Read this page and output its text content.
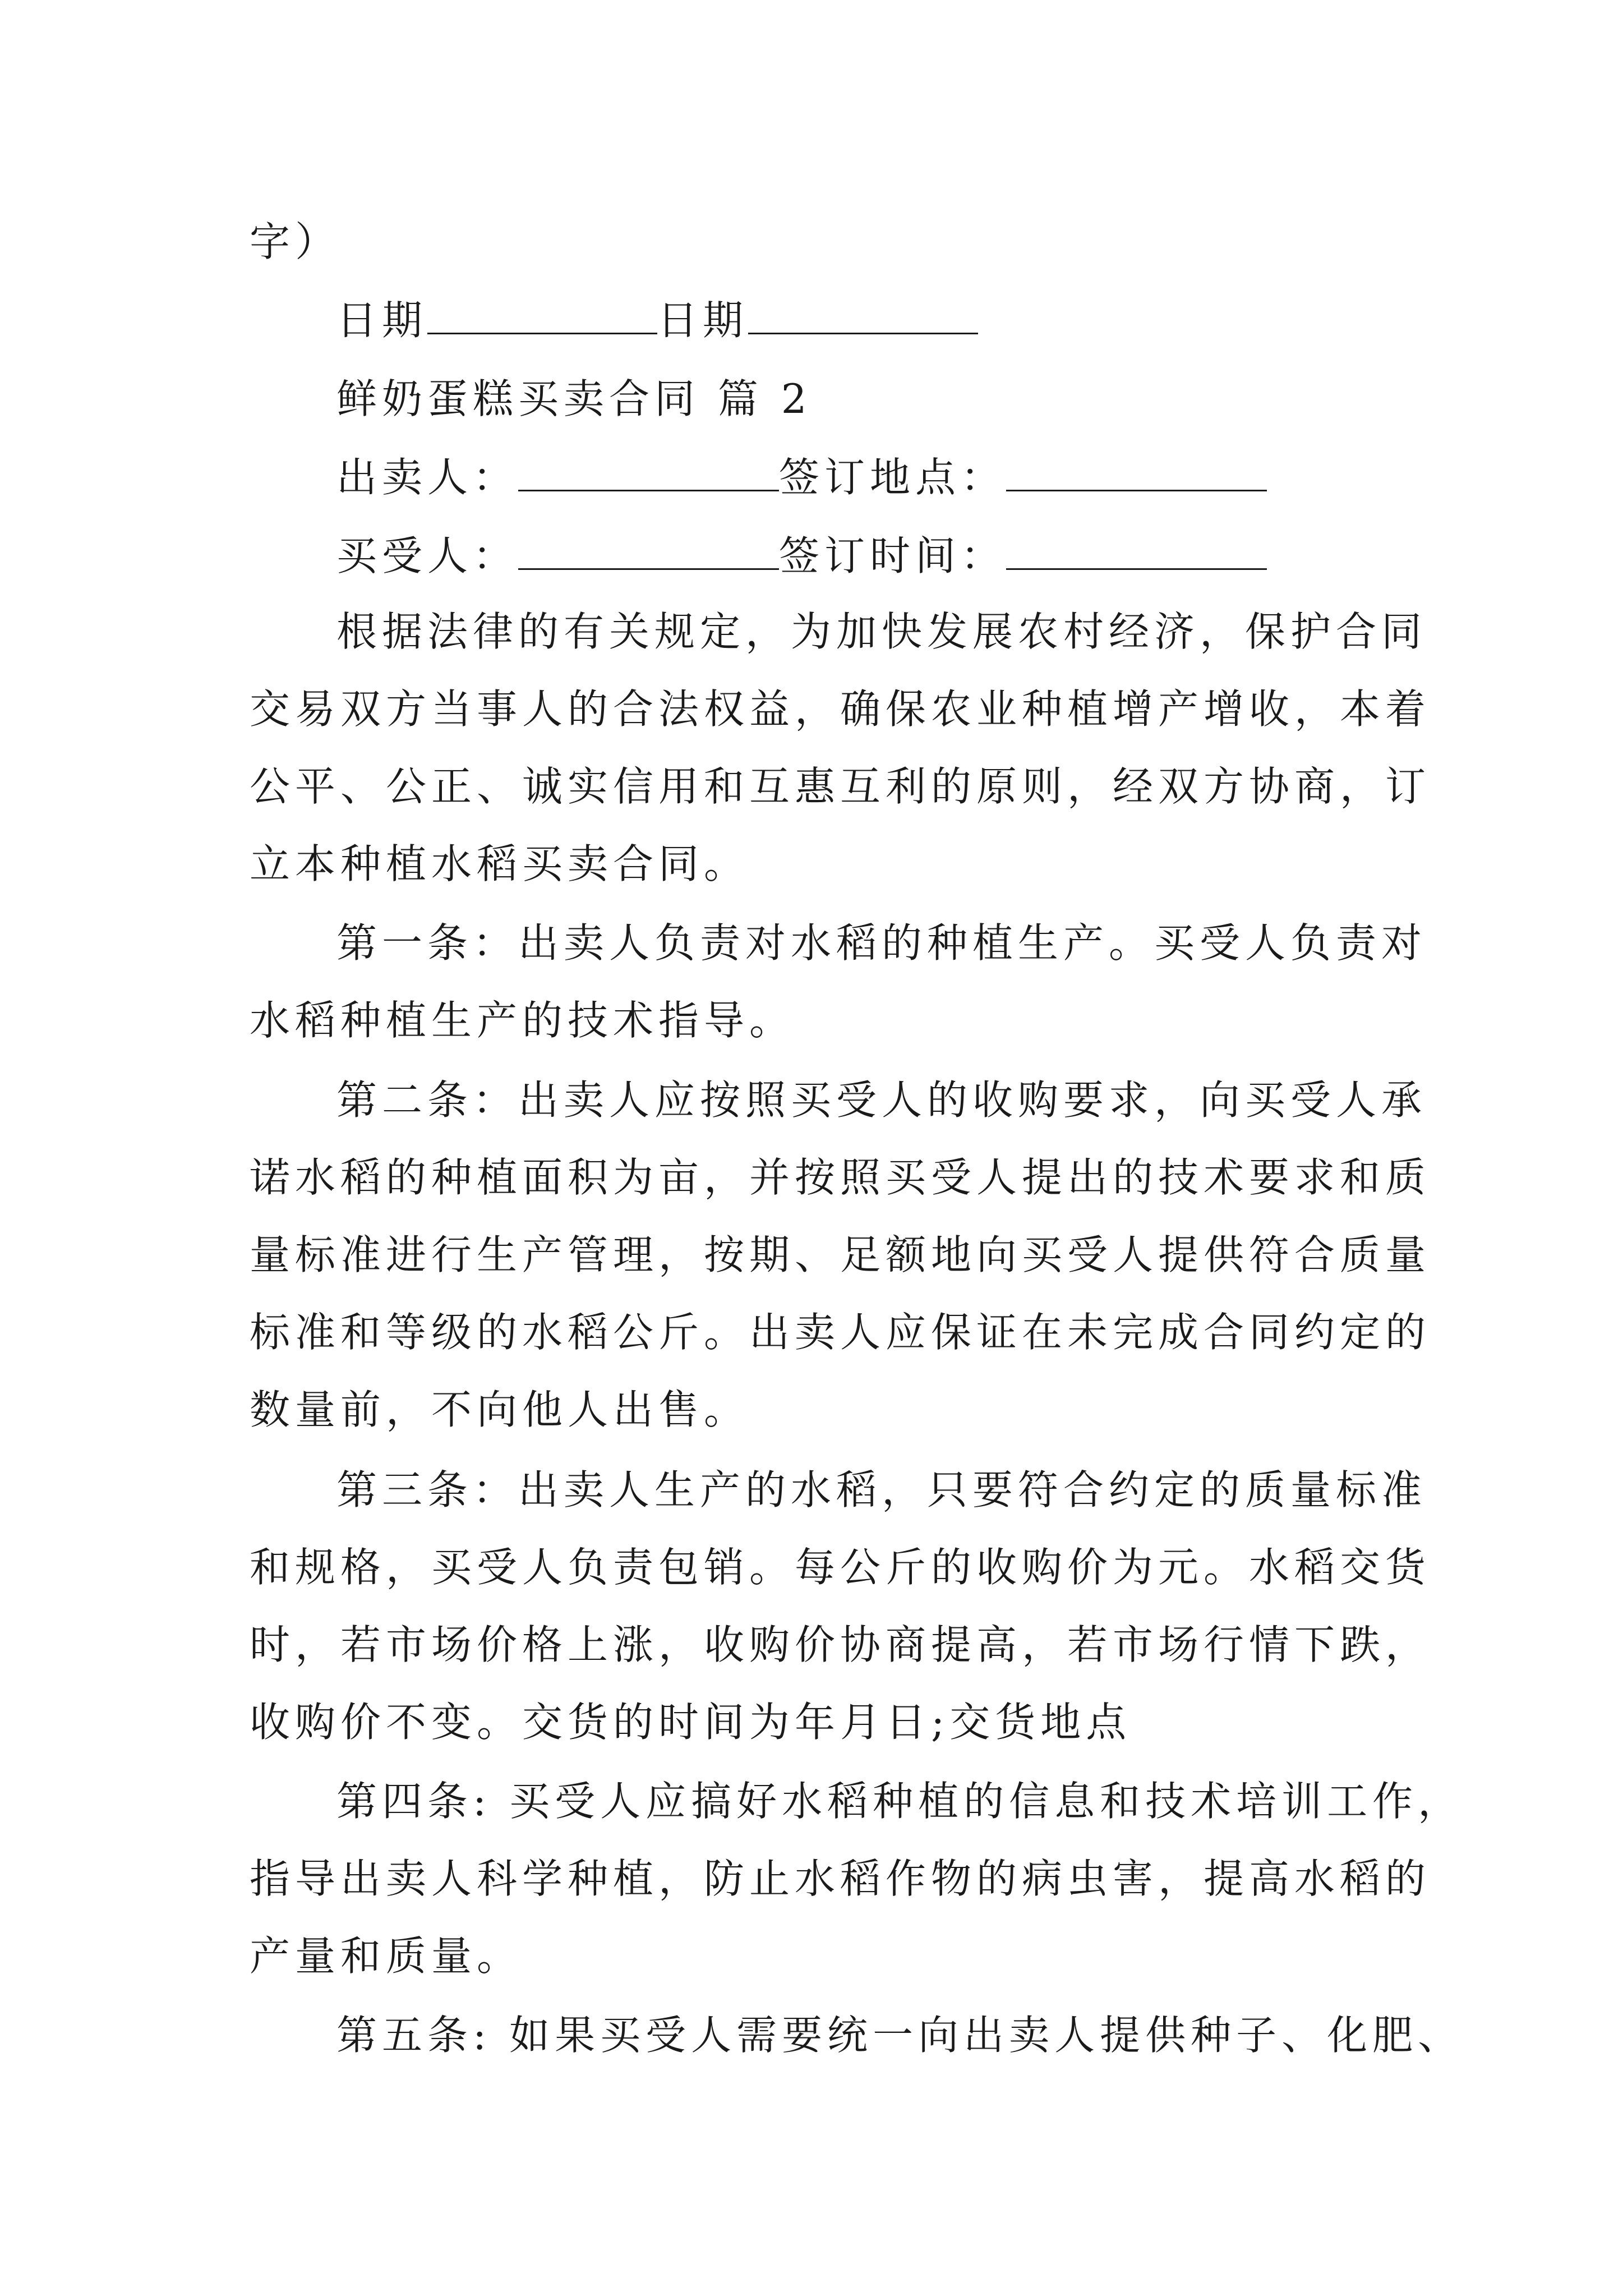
字）
日期	日期
鲜奶蛋糕买卖合同 篇 2
出卖人：	签订地点：
买受人：	签订时间：
根据法律的有关规定，为加快发展农村经济，保护合同
交易双方当事人的合法权益，确保农业种植增产增收，本着
公平、公正、诚实信用和互惠互利的原则，经双方协商，订
立本种植水稻买卖合同。
第一条：出卖人负责对水稻的种植生产。买受人负责对
水稻种植生产的技术指导。
第二条：出卖人应按照买受人的收购要求，向买受人承
诺水稻的种植面积为亩，并按照买受人提出的技术要求和质
量标准进行生产管理，按期、足额地向买受人提供符合质量
标准和等级的水稻公斤。出卖人应保证在未完成合同约定的
数量前，不向他人出售。
第三条：出卖人生产的水稻，只要符合约定的质量标准
和规格，买受人负责包销。每公斤的收购价为元。水稻交货
时，若市场价格上涨，收购价协商提高，若市场行情下跌，
收购价不变。交货的时间为年月日;交货地点
第四条: 买受人应搞好水稻种植的信息和技术培训工作，
指导出卖人科学种植，防止水稻作物的病虫害，提高水稻的
产量和质量。
第五条: 如果买受人需要统一向出卖人提供种子、化肥、
